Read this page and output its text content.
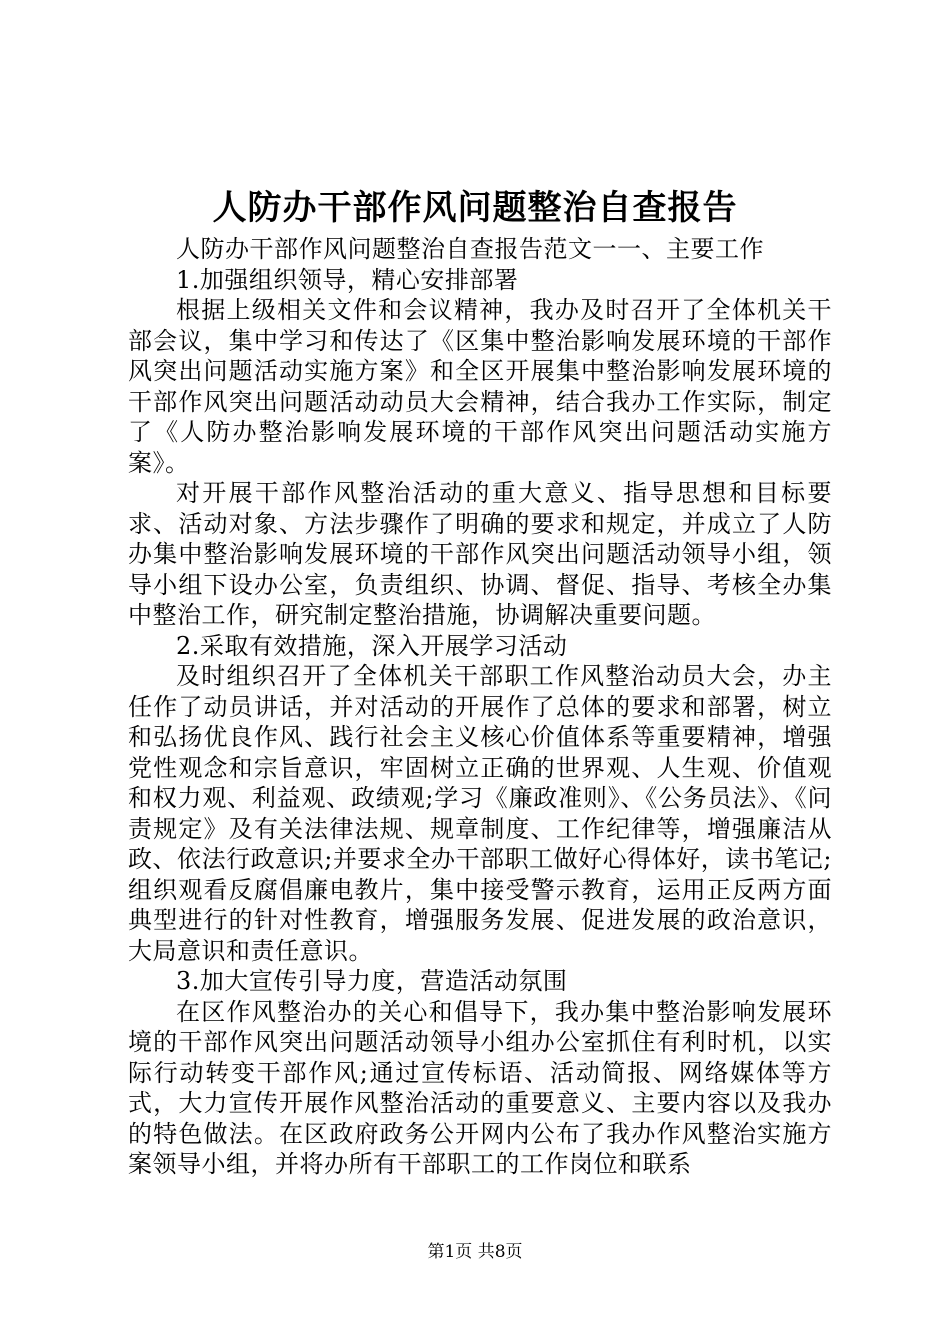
人防办干部作风问题整治自查报告

人防办干部作风问题整治自查报告范文一一、主要工作

1.加强组织领导，精心安排部署

根据上级相关文件和会议精神，我办及时召开了全体机关干部会议，集中学习和传达了《区集中整治影响发展环境的干部作风突出问题活动实施方案》和全区开展集中整治影响发展环境的干部作风突出问题活动动员大会精神，结合我办工作实际，制定了《人防办整治影响发展环境的干部作风突出问题活动实施方案》。

对开展干部作风整治活动的重大意义、指导思想和目标要求、活动对象、方法步骤作了明确的要求和规定，并成立了人防办集中整治影响发展环境的干部作风突出问题活动领导小组，领导小组下设办公室，负责组织、协调、督促、指导、考核全办集中整治工作，研究制定整治措施，协调解决重要问题。

2.采取有效措施，深入开展学习活动

及时组织召开了全体机关干部职工作风整治动员大会，办主任作了动员讲话，并对活动的开展作了总体的要求和部署，树立和弘扬优良作风、践行社会主义核心价值体系等重要精神，增强党性观念和宗旨意识，牢固树立正确的世界观、人生观、价值观和权力观、利益观、政绩观;学习《廉政准则》、《公务员法》、《问责规定》及有关法律法规、规章制度、工作纪律等，增强廉洁从政、依法行政意识;并要求全办干部职工做好心得体好，读书笔记;组织观看反腐倡廉电教片，集中接受警示教育，运用正反两方面典型进行的针对性教育，增强服务发展、促进发展的政治意识，大局意识和责任意识。

3.加大宣传引导力度，营造活动氛围

在区作风整治办的关心和倡导下，我办集中整治影响发展环境的干部作风突出问题活动领导小组办公室抓住有利时机，以实际行动转变干部作风;通过宣传标语、活动简报、网络媒体等方式，大力宣传开展作风整治活动的重要意义、主要内容以及我办的特色做法。在区政府政务公开网内公布了我办作风整治实施方案领导小组，并将办所有干部职工的工作岗位和联系

第1页 共8页
